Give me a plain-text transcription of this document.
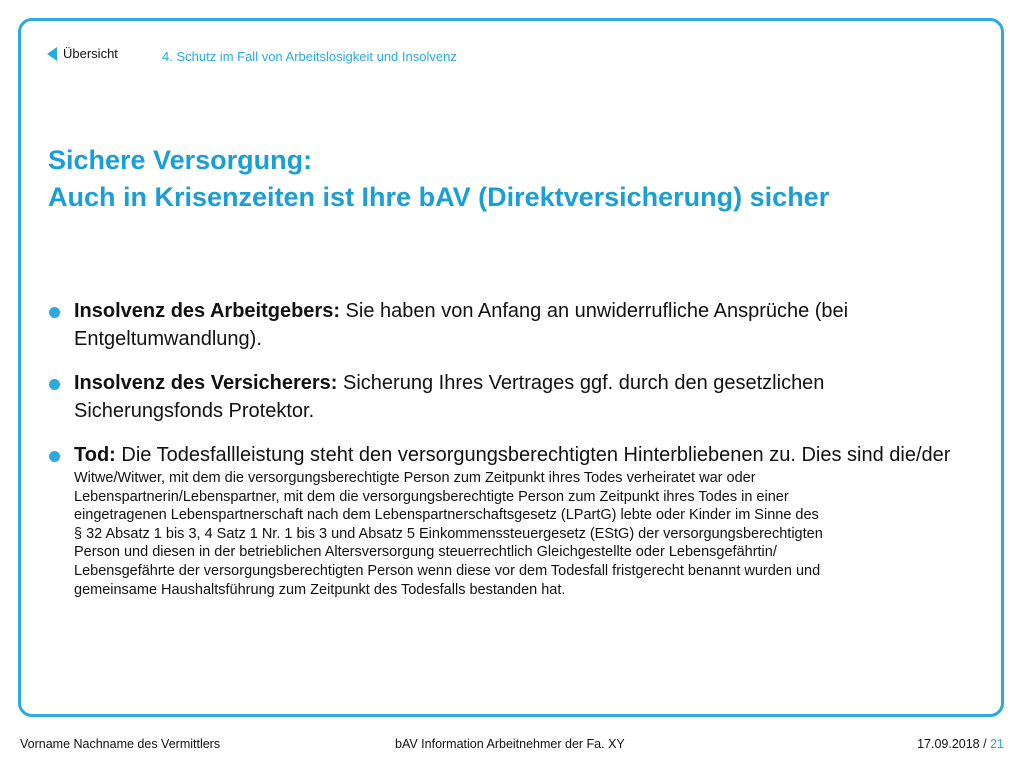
Übersicht	4. Schutz im Fall von Arbeitslosigkeit und Insolvenz
Sichere Versorgung:
Auch in Krisenzeiten ist Ihre bAV (Direktversicherung) sicher
Insolvenz des Arbeitgebers: Sie haben von Anfang an unwiderrufliche Ansprüche (bei Entgeltumwandlung).
Insolvenz des Versicherers: Sicherung Ihres Vertrages ggf. durch den gesetzlichen Sicherungsfonds Protektor.
Tod: Die Todesfallleistung steht den versorgungsberechtigten Hinterbliebenen zu. Dies sind die/der
Witwe/Witwer, mit dem die versorgungsberechtigte Person zum Zeitpunkt ihres Todes verheiratet war oder
Lebenspartnerin/Lebenspartner, mit dem die versorgungsberechtigte Person zum Zeitpunkt ihres Todes in einer
eingetragenen Lebenspartnerschaft nach dem Lebenspartnerschaftsgesetz (LPartG) lebte oder Kinder im Sinne des
§ 32 Absatz 1 bis 3, 4 Satz 1 Nr. 1 bis 3 und Absatz 5 Einkommenssteuergesetz (EStG) der versorgungsberechtigten
Person und diesen in der betrieblichen Altersversorgung steuerrechtlich Gleichgestellte oder Lebensgefährtin/
Lebensgefährte der versorgungsberechtigten Person wenn diese vor dem Todesfall fristgerecht benannt wurden und
gemeinsame Haushaltsführung zum Zeitpunkt des Todesfalls bestanden hat.
Vorname Nachname des Vermittlers	bAV Information Arbeitnehmer der Fa. XY	17.09.2018 / 21
